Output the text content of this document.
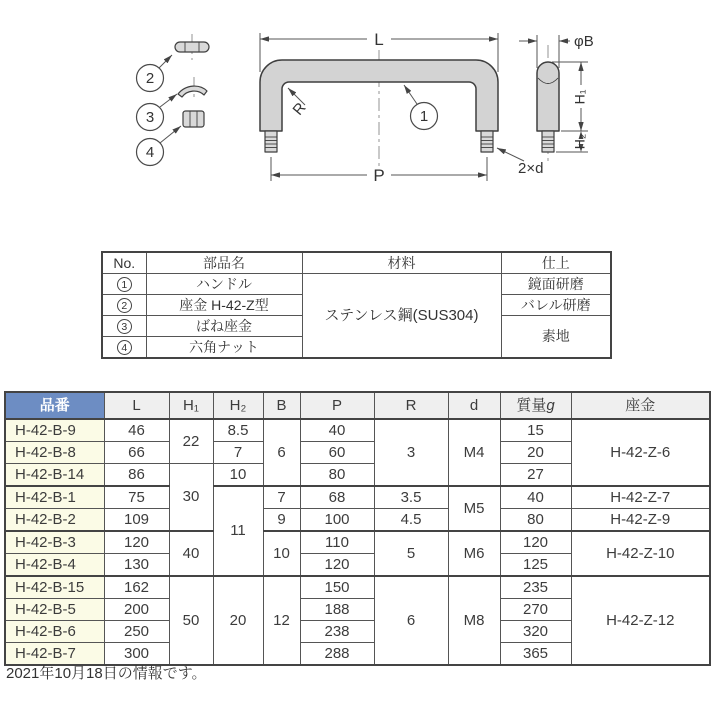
2
3
4
L
P
R	1
2×d
φB
H₁
H₂
No.	部品名	材料	仕上
1	ハンドル	ステンレス鋼(SUS304)	鏡面研磨
2	座金 H-42-Z型		バレル研磨
3	ばね座金		素地
4	六角ナット		
品番	L	H₁	H₂	B	P	R	d	質量g	座金
H-42-B-9	46	22	8.5	6	40	3	M4	15	H-42-Z-6
H-42-B-8	66		7		60			20	
H-42-B-14	86	30	10		80			27	
H-42-B-1	75		11	7	68	3.5	M5	40	H-42-Z-7
H-42-B-2	109			9	100	4.5		80	H-42-Z-9
H-42-B-3	120	40		10	110	5	M6	120	H-42-Z-10
H-42-B-4	130				120			125	
H-42-B-15	162	50	20	12	150	6	M8	235	H-42-Z-12
H-42-B-5	200				188			270	
H-42-B-6	250				238			320	
H-42-B-7	300				288			365	
2021年10月18日の情報です。
